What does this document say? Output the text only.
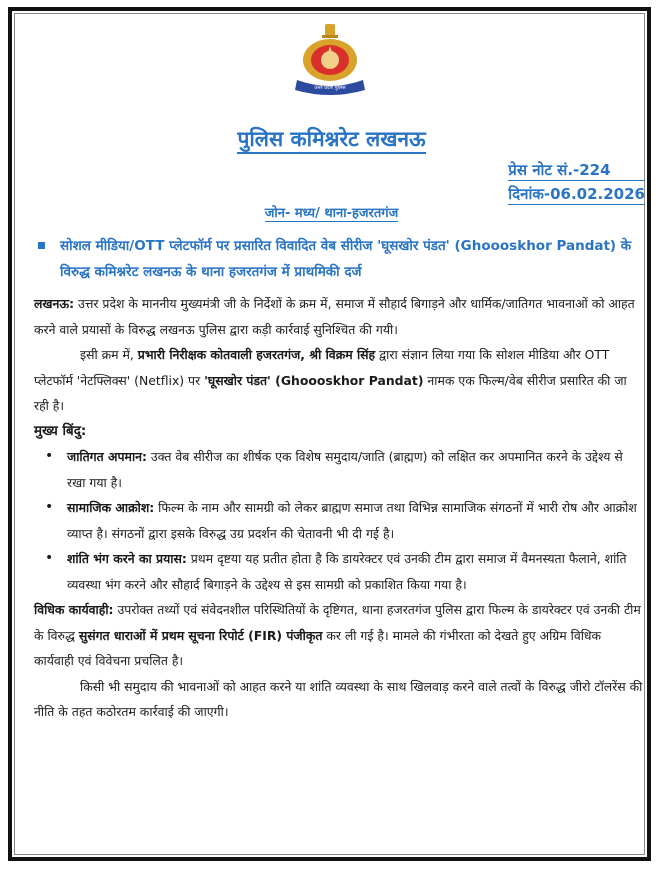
उत्तर प्रदेश पुलिस
पुलिस कमिश्नरेट लखनऊ
प्रेस नोट सं.-224
दिनांक-06.02.2026
जोन- मध्य/ थाना-हजरतगंज
सोशल मीडिया/OTT प्लेटफॉर्म पर प्रसारित विवादित वेब सीरीज 'घूसखोर पंडत' (Ghoooskhor Pandat) के विरुद्ध कमिश्नरेट लखनऊ के थाना हजरतगंज में प्राथमिकी दर्ज

लखनऊ: उत्तर प्रदेश के माननीय मुख्यमंत्री जी के निर्देशों के क्रम में, समाज में सौहार्द बिगाड़ने और धार्मिक/जातिगत भावनाओं को आहत करने वाले प्रयासों के विरुद्ध लखनऊ पुलिस द्वारा कड़ी कार्रवाई सुनिश्चित की गयी।

इसी क्रम में, प्रभारी निरीक्षक कोतवाली हजरतगंज, श्री विक्रम सिंह द्वारा संज्ञान लिया गया कि सोशल मीडिया और OTT प्लेटफॉर्म 'नेटफ्लिक्स' (Netflix) पर 'घूसखोर पंडत' (Ghoooskhor Pandat) नामक एक फिल्म/वेब सीरीज प्रसारित की जा रही है।

मुख्य बिंदु:

• जातिगत अपमान: उक्त वेब सीरीज का शीर्षक एक विशेष समुदाय/जाति (ब्राह्मण) को लक्षित कर अपमानित करने के उद्देश्य से रखा गया है।
• सामाजिक आक्रोश: फिल्म के नाम और सामग्री को लेकर ब्राह्मण समाज तथा विभिन्न सामाजिक संगठनों में भारी रोष और आक्रोश व्याप्त है। संगठनों द्वारा इसके विरुद्ध उग्र प्रदर्शन की चेतावनी भी दी गई है।
• शांति भंग करने का प्रयास: प्रथम दृष्टया यह प्रतीत होता है कि डायरेक्टर एवं उनकी टीम द्वारा समाज में वैमनस्यता फैलाने, शांति व्यवस्था भंग करने और सौहार्द बिगाड़ने के उद्देश्य से इस सामग्री को प्रकाशित किया गया है।

विधिक कार्यवाही: उपरोक्त तथ्यों एवं संवेदनशील परिस्थितियों के दृष्टिगत, थाना हजरतगंज पुलिस द्वारा फिल्म के डायरेक्टर एवं उनकी टीम के विरुद्ध सुसंगत धाराओं में प्रथम सूचना रिपोर्ट (FIR) पंजीकृत कर ली गई है। मामले की गंभीरता को देखते हुए अग्रिम विधिक कार्यवाही एवं विवेचना प्रचलित है।

किसी भी समुदाय की भावनाओं को आहत करने या शांति व्यवस्था के साथ खिलवाड़ करने वाले तत्वों के विरुद्ध जीरो टॉलरेंस की नीति के तहत कठोरतम कार्रवाई की जाएगी।
